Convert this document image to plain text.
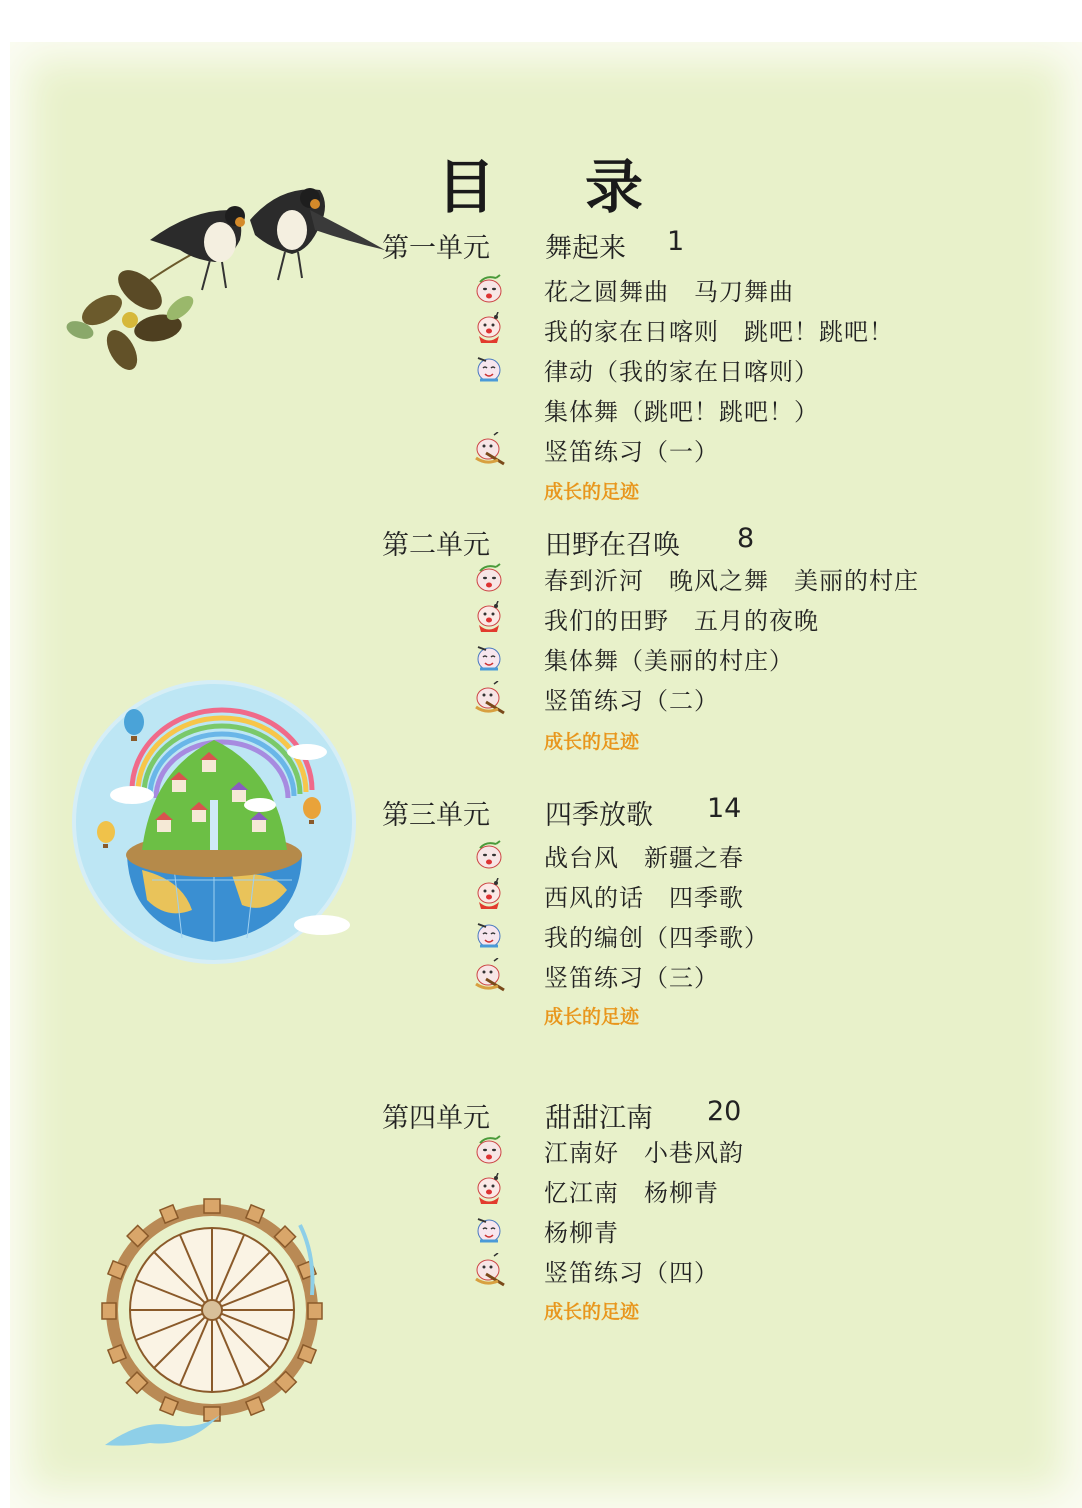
目 录
第一单元 舞起来 1
花之圆舞曲　马刀舞曲
我的家在日喀则　跳吧！跳吧！
律动（我的家在日喀则）
集体舞（跳吧！跳吧！）
竖笛练习（一）
成长的足迹
第二单元 田野在召唤 8
春到沂河　晚风之舞　美丽的村庄
我们的田野　五月的夜晚
集体舞（美丽的村庄）
竖笛练习（二）
成长的足迹
第三单元 四季放歌 14
战台风　新疆之春
西风的话　四季歌
我的编创（四季歌）
竖笛练习（三）
成长的足迹
第四单元 甜甜江南 20
江南好　小巷风韵
忆江南　杨柳青
杨柳青
竖笛练习（四）
成长的足迹
